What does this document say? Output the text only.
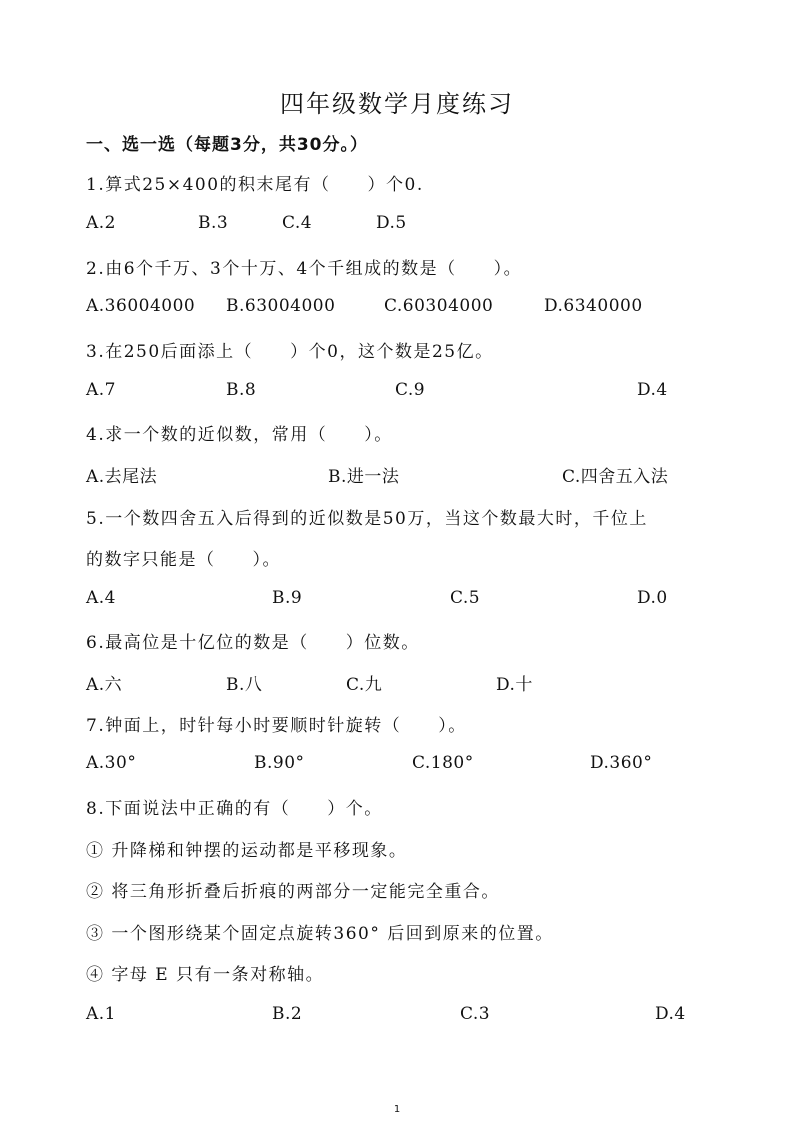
四年级数学月度练习
一、选一选（每题3分，共30分。）
1.算式25×400的积末尾有（　　）个0.
A.2	B.3	C.4	D.5
2.由6个千万、3个十万、4个千组成的数是（　　）。
A.36004000 B.63004000	C.60304000	D.6340000
3.在250后面添上（　　）个0，这个数是25亿。
A.7	B.8	C.9	D.4
4.求一个数的近似数，常用（　　）。
A.去尾法	B.进一法	C.四舍五入法
5.一个数四舍五入后得到的近似数是50万，当这个数最大时，千位上
的数字只能是（　　）。
A.4	B.9	C.5	D.0
6.最高位是十亿位的数是（　　）位数。
A.六	B.八	C.九	D.十
7.钟面上，时针每小时要顺时针旋转（　　）。
A.30°	B.90°	C.180°	D.360°
8.下面说法中正确的有（　　）个。
① 升降梯和钟摆的运动都是平移现象。
② 将三角形折叠后折痕的两部分一定能完全重合。
③ 一个图形绕某个固定点旋转360° 后回到原来的位置。
④ 字母 E 只有一条对称轴。
A.1	B.2	C.3	D.4
1
